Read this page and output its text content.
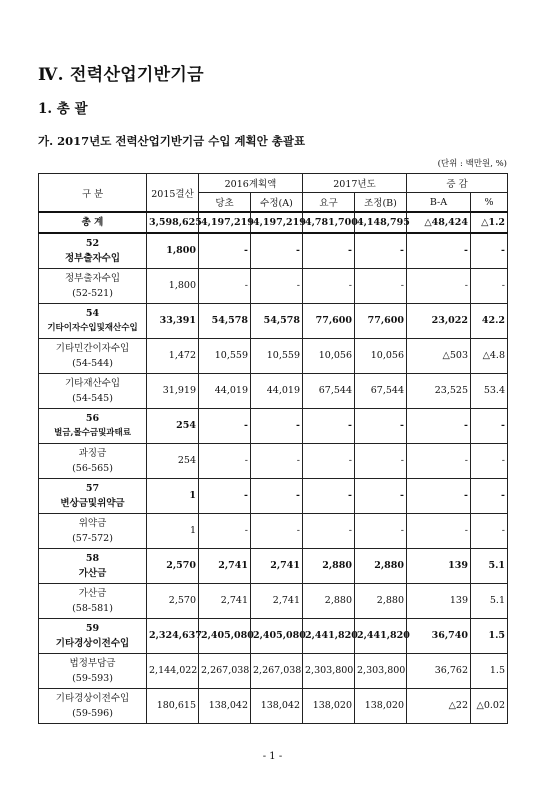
Ⅳ. 전력산업기반기금
1. 총 괄
가. 2017년도 전력산업기반기금 수입 계획안 총괄표
(단위 : 백만원, %)
구 분	2015결산	2016계획액		2017년도		증 감	
		당초	수정(A)	요구	조정(B)	B-A	%
총 계	3,598,625	4,197,219	4,197,219	4,781,700	4,148,795	△48,424	△1.2

52
정부출자수입	1,800	-	-	-	-	-	-

정부출자수입
(52-521)	1,800	-	-	-	-	-	-

54
기타이자수입및재산수입	33,391	54,578	54,578	77,600	77,600	23,022	42.2

기타민간이자수입
(54-544)	1,472	10,559	10,559	10,056	10,056	△503	△4.8

기타재산수입
(54-545)	31,919	44,019	44,019	67,544	67,544	23,525	53.4

56
벌금,몰수금및과태료	254	-	-	-	-	-	-

과징금
(56-565)	254	-	-	-	-	-	-

57
변상금및위약금	1	-	-	-	-	-	-

위약금
(57-572)	1	-	-	-	-	-	-

58
가산금	2,570	2,741	2,741	2,880	2,880	139	5.1

가산금
(58-581)	2,570	2,741	2,741	2,880	2,880	139	5.1

59
기타경상이전수입	2,324,637	2,405,080	2,405,080	2,441,820	2,441,820	36,740	1.5

법정부담금
(59-593)	2,144,022	2,267,038	2,267,038	2,303,800	2,303,800	36,762	1.5

기타경상이전수입
(59-596)	180,615	138,042	138,042	138,020	138,020	△22	△0.02
- 1 -
